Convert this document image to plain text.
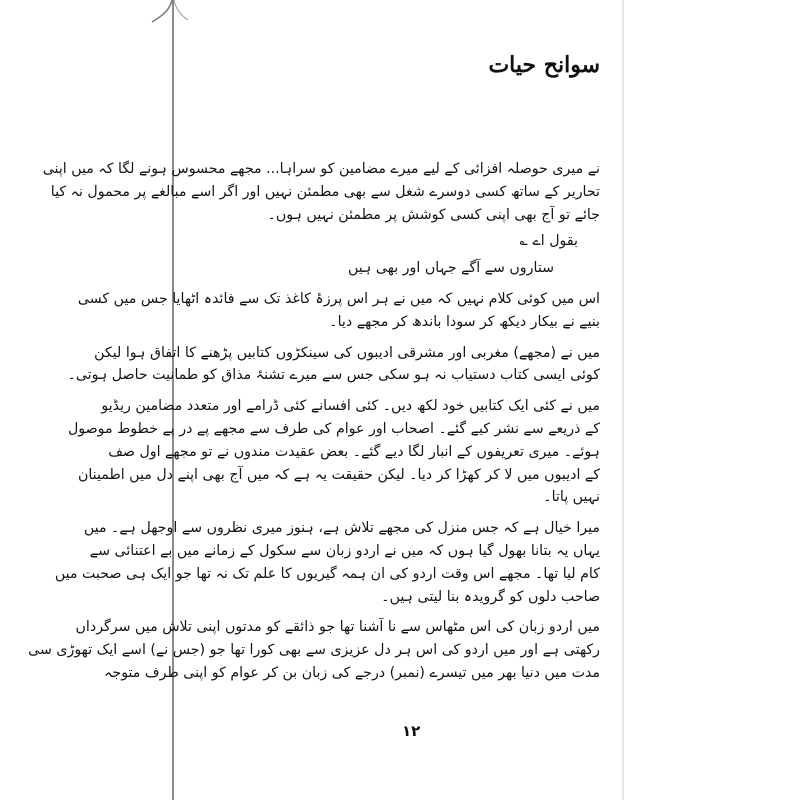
سوانح حیات
نے میری حوصلہ افزائی کے لیے میرے مضامین کو سراہا... مجھے محسوس ہونے لگا کہ میں اپنی
تحاریر کے ساتھ کسی دوسرے شغل سے بھی مطمئن نہیں اور اگر اسے مبالغے پر محمول نہ کیا
جائے تو آج بھی اپنی کسی کوشش پر مطمئن نہیں ہوں۔
بقول اے ؎
ستاروں سے آگے جہاں اور بھی ہیں
اس میں کوئی کلام نہیں کہ میں نے ہر اس پرزۂ کاغذ تک سے فائدہ اٹھایا جس میں کسی
بنیے نے بیکار دیکھ کر سودا باندھ کر مجھے دیا۔
میں نے (مجھے) مغربی اور مشرقی ادیبوں کی سینکڑوں کتابیں پڑھنے کا اتفاق ہوا لیکن
کوئی ایسی کتاب دستیاب نہ ہو سکی جس سے میرے تشنۂ مذاق کو طمانیت حاصل ہوتی۔
میں نے کئی ایک کتابیں خود لکھ دیں۔ کئی افسانے کئی ڈرامے اور متعدد مضامین ریڈیو
کے ذریعے سے نشر کیے گئے۔ اصحاب اور عوام کی طرف سے مجھے پے در پے خطوط موصول
ہوئے۔ میری تعریفوں کے انبار لگا دیے گئے۔ بعض عقیدت مندوں نے تو مجھے اول صف
کے ادیبوں میں لا کر کھڑا کر دیا۔ لیکن حقیقت یہ ہے کہ میں آج بھی اپنے دل میں اطمینان
نہیں پاتا۔
میرا خیال ہے کہ جس منزل کی مجھے تلاش ہے، ہنوز میری نظروں سے اوجھل ہے۔ میں
یہاں یہ بتانا بھول گیا ہوں کہ میں نے اردو زبان سے سکول کے زمانے میں بے اعتنائی سے
کام لیا تھا۔ مجھے اس وقت اردو کی ان ہمہ گیریوں کا علم تک نہ تھا جو ایک ہی صحبت میں
صاحب دلوں کو گرویدہ بنا لیتی ہیں۔
میں اردو زبان کی اس مٹھاس سے نا آشنا تھا جو ذائقے کو مدتوں اپنی تلاش میں سرگرداں
رکھتی ہے اور میں اردو کی اس ہر دل عزیزی سے بھی کورا تھا جو (جس نے) اسے ایک تھوڑی سی
مدت میں دنیا بھر میں تیسرے (نمبر) درجے کی زبان بن کر عوام کو اپنی طرف متوجہ
۱۲
